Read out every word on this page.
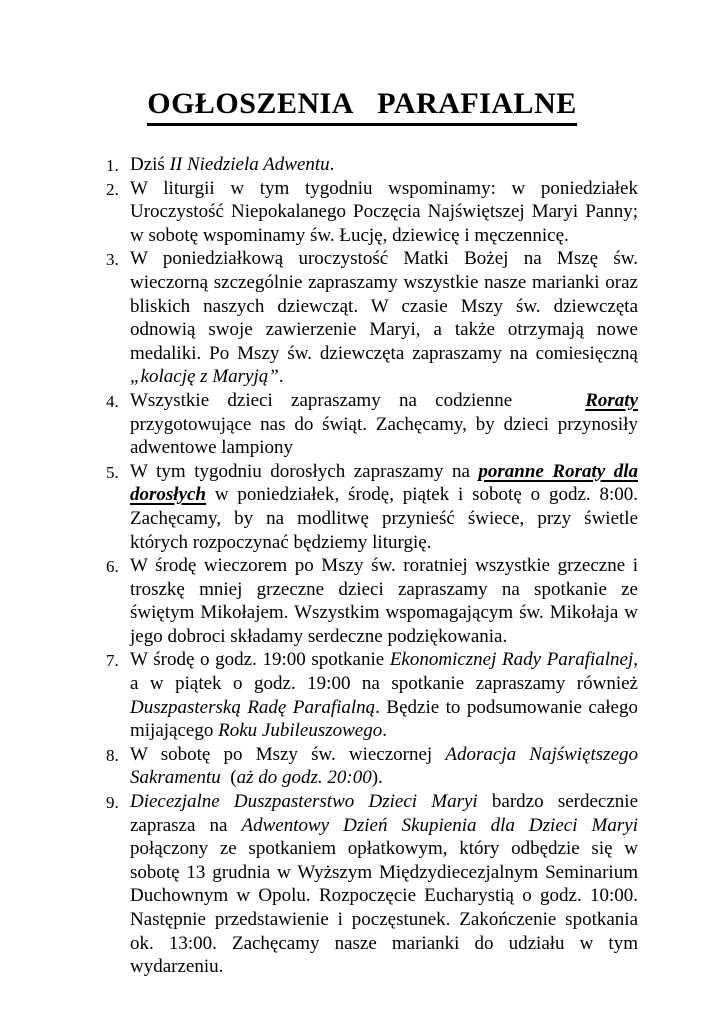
OGŁOSZENIA PARAFIALNE
Dziś II Niedziela Adwentu.
W liturgii w tym tygodniu wspominamy: w poniedziałek Uroczystość Niepokalanego Poczęcia Najświętszej Maryi Panny; w sobotę wspominamy św. Łucję, dziewicę i męczennicę.
W poniedziałkową uroczystość Matki Bożej na Mszę św. wieczorną szczególnie zapraszamy wszystkie nasze marianki oraz bliskich naszych dziewcząt. W czasie Mszy św. dziewczęta odnowią swoje zawierzenie Maryi, a także otrzymają nowe medaliki. Po Mszy św. dziewczęta zapraszamy na comiesięczną „kolację z Maryją”.
Wszystkie dzieci zapraszamy na codzienne    Roraty przygotowujące nas do świąt. Zachęcamy, by dzieci przynosiły adwentowe lampiony
W tym tygodniu dorosłych zapraszamy na poranne Roraty dla dorosłych w poniedziałek, środę, piątek i sobotę o godz. 8:00. Zachęcamy, by na modlitwę przynieść świece, przy świetle których rozpoczynać będziemy liturgię.
W środę wieczorem po Mszy św. roratniej wszystkie grzeczne i troszkę mniej grzeczne dzieci zapraszamy na spotkanie ze świętym Mikołajem. Wszystkim wspomagającym św. Mikołaja w jego dobroci składamy serdeczne podziękowania.
W środę o godz. 19:00 spotkanie Ekonomicznej Rady Parafialnej, a w piątek o godz. 19:00 na spotkanie zapraszamy również Duszpasterską Radę Parafialną. Będzie to podsumowanie całego mijającego Roku Jubileuszowego.
W sobotę po Mszy św. wieczornej Adoracja Najświętszego Sakramentu  (aż do godz. 20:00).
Diecezjalne Duszpasterstwo Dzieci Maryi bardzo serdecznie zaprasza na Adwentowy Dzień Skupienia dla Dzieci Maryi połączony ze spotkaniem opłatkowym, który odbędzie się w sobotę 13 grudnia w Wyższym Międzydiecezjalnym Seminarium Duchownym w Opolu. Rozpoczęcie Eucharystią o godz. 10:00. Następnie przedstawienie i poczęstunek. Zakończenie spotkania ok. 13:00. Zachęcamy nasze marianki do udziału w tym wydarzeniu.
